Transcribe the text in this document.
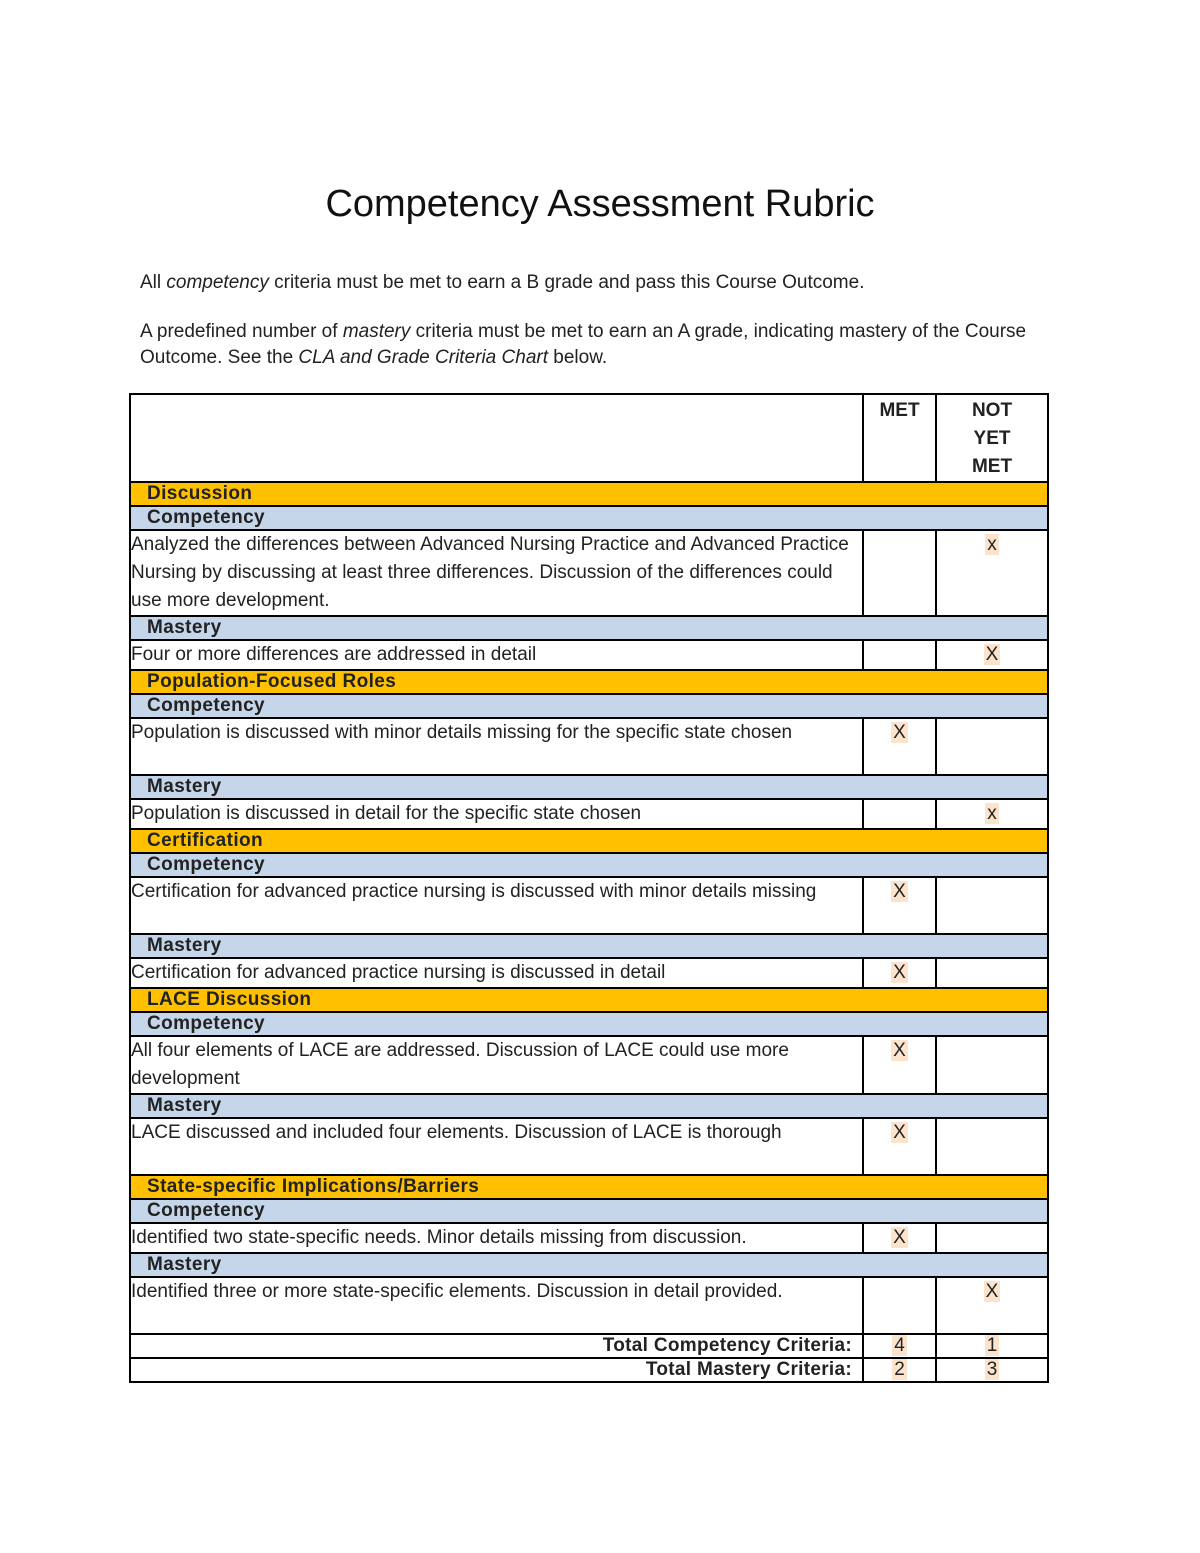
Competency Assessment Rubric
All competency criteria must be met to earn a B grade and pass this Course Outcome.
A predefined number of mastery criteria must be met to earn an A grade, indicating mastery of the Course Outcome. See the CLA and Grade Criteria Chart below.
	MET	NOT
YET
MET

Discussion		
Competency		
Analyzed the differences between Advanced Nursing Practice and Advanced Practice Nursing by discussing at least three differences. Discussion of the differences could use more development.		x
Mastery		
Four or more differences are addressed in detail		X
Population-Focused Roles		
Competency		
Population is discussed with minor details missing for the specific state chosen	X	
Mastery		
Population is discussed in detail for the specific state chosen		x
Certification		
Competency		
Certification for advanced practice nursing is discussed with minor details missing	X	
Mastery		
Certification for advanced practice nursing is discussed in detail	X	
LACE Discussion		
Competency		
All four elements of LACE are addressed. Discussion of LACE could use more development	X	
Mastery		
LACE discussed and included four elements. Discussion of LACE is thorough	X	
State-specific Implications/Barriers		
Competency		
Identified two state-specific needs. Minor details missing from discussion.	X	
Mastery		
Identified three or more state-specific elements. Discussion in detail provided.		X
Total Competency Criteria:	4	1
Total Mastery Criteria:	2	3
